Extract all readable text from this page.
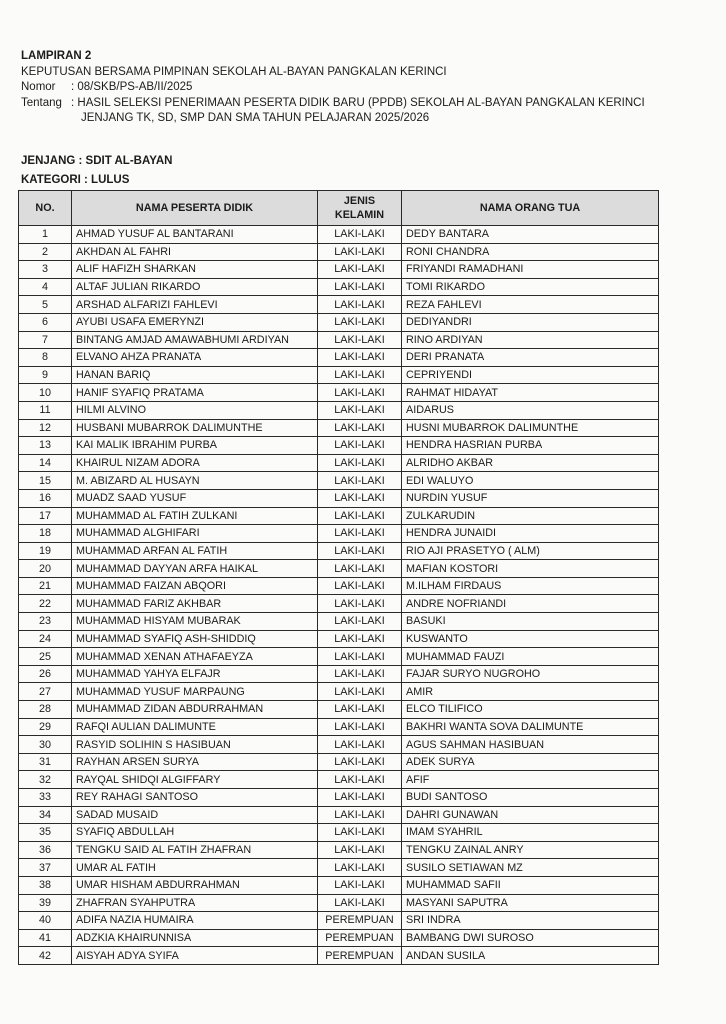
LAMPIRAN 2
KEPUTUSAN BERSAMA PIMPINAN SEKOLAH AL-BAYAN PANGKALAN KERINCI
Nomor	: 08/SKB/PS-AB/II/2025
Tentang : HASIL SELEKSI PENERIMAAN PESERTA DIDIK BARU (PPDB) SEKOLAH AL-BAYAN PANGKALAN KERINCI
JENJANG TK, SD, SMP DAN SMA TAHUN PELAJARAN 2025/2026
JENJANG : SDIT AL-BAYAN
KATEGORI : LULUS
NO.	NAMA PESERTA DIDIK	JENIS KELAMIN	NAMA ORANG TUA
1	AHMAD YUSUF AL BANTARANI	LAKI-LAKI	DEDY BANTARA
2	AKHDAN AL FAHRI	LAKI-LAKI	RONI CHANDRA
3	ALIF HAFIZH SHARKAN	LAKI-LAKI	FRIYANDI RAMADHANI
4	ALTAF JULIAN RIKARDO	LAKI-LAKI	TOMI RIKARDO
5	ARSHAD ALFARIZI FAHLEVI	LAKI-LAKI	REZA FAHLEVI
6	AYUBI USAFA EMERYNZI	LAKI-LAKI	DEDIYANDRI
7	BINTANG AMJAD AMAWABHUMI ARDIYAN	LAKI-LAKI	RINO ARDIYAN
8	ELVANO AHZA PRANATA	LAKI-LAKI	DERI PRANATA
9	HANAN BARIQ	LAKI-LAKI	CEPRIYENDI
10	HANIF SYAFIQ PRATAMA	LAKI-LAKI	RAHMAT HIDAYAT
11	HILMI ALVINO	LAKI-LAKI	AIDARUS
12	HUSBANI MUBARROK DALIMUNTHE	LAKI-LAKI	HUSNI MUBARROK DALIMUNTHE
13	KAI MALIK IBRAHIM PURBA	LAKI-LAKI	HENDRA HASRIAN PURBA
14	KHAIRUL NIZAM ADORA	LAKI-LAKI	ALRIDHO AKBAR
15	M. ABIZARD AL HUSAYN	LAKI-LAKI	EDI WALUYO
16	MUADZ SAAD YUSUF	LAKI-LAKI	NURDIN YUSUF
17	MUHAMMAD AL FATIH ZULKANI	LAKI-LAKI	ZULKARUDIN
18	MUHAMMAD ALGHIFARI	LAKI-LAKI	HENDRA JUNAIDI
19	MUHAMMAD ARFAN AL FATIH	LAKI-LAKI	RIO AJI PRASETYO ( ALM)
20	MUHAMMAD DAYYAN ARFA HAIKAL	LAKI-LAKI	MAFIAN KOSTORI
21	MUHAMMAD FAIZAN ABQORI	LAKI-LAKI	M.ILHAM FIRDAUS
22	MUHAMMAD FARIZ AKHBAR	LAKI-LAKI	ANDRE NOFRIANDI
23	MUHAMMAD HISYAM MUBARAK	LAKI-LAKI	BASUKI
24	MUHAMMAD SYAFIQ ASH-SHIDDIQ	LAKI-LAKI	KUSWANTO
25	MUHAMMAD XENAN ATHAFAEYZA	LAKI-LAKI	MUHAMMAD FAUZI
26	MUHAMMAD YAHYA ELFAJR	LAKI-LAKI	FAJAR SURYO NUGROHO
27	MUHAMMAD YUSUF MARPAUNG	LAKI-LAKI	AMIR
28	MUHAMMAD ZIDAN ABDURRAHMAN	LAKI-LAKI	ELCO TILIFICO
29	RAFQI AULIAN DALIMUNTE	LAKI-LAKI	BAKHRI WANTA SOVA DALIMUNTE
30	RASYID SOLIHIN S HASIBUAN	LAKI-LAKI	AGUS SAHMAN HASIBUAN
31	RAYHAN ARSEN SURYA	LAKI-LAKI	ADEK SURYA
32	RAYQAL SHIDQI ALGIFFARY	LAKI-LAKI	AFIF
33	REY RAHAGI SANTOSO	LAKI-LAKI	BUDI SANTOSO
34	SADAD MUSAID	LAKI-LAKI	DAHRI GUNAWAN
35	SYAFIQ ABDULLAH	LAKI-LAKI	IMAM SYAHRIL
36	TENGKU SAID AL FATIH ZHAFRAN	LAKI-LAKI	TENGKU ZAINAL ANRY
37	UMAR AL FATIH	LAKI-LAKI	SUSILO SETIAWAN MZ
38	UMAR HISHAM ABDURRAHMAN	LAKI-LAKI	MUHAMMAD SAFII
39	ZHAFRAN SYAHPUTRA	LAKI-LAKI	MASYANI SAPUTRA
40	ADIFA NAZIA HUMAIRA	PEREMPUAN	SRI INDRA
41	ADZKIA KHAIRUNNISA	PEREMPUAN	BAMBANG DWI SUROSO
42	AISYAH ADYA SYIFA	PEREMPUAN	ANDAN SUSILA
